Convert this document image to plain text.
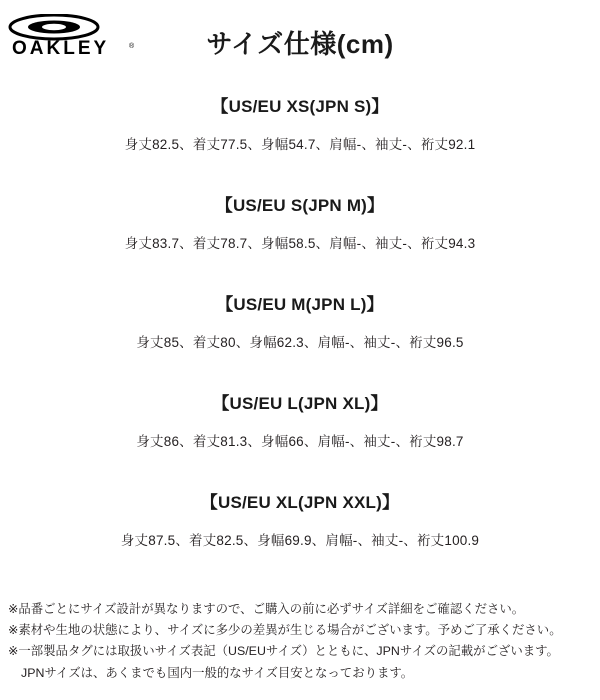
OAKLEY	®	サイズ仕様(cm)
【US/EU XS(JPN S)】
身丈82.5、着丈77.5、身幅54.7、肩幅-、袖丈-、裄丈92.1
【US/EU S(JPN M)】
身丈83.7、着丈78.7、身幅58.5、肩幅-、袖丈-、裄丈94.3
【US/EU M(JPN L)】
身丈85、着丈80、身幅62.3、肩幅-、袖丈-、裄丈96.5
【US/EU L(JPN XL)】
身丈86、着丈81.3、身幅66、肩幅-、袖丈-、裄丈98.7
【US/EU XL(JPN XXL)】
身丈87.5、着丈82.5、身幅69.9、肩幅-、袖丈-、裄丈100.9
※品番ごとにサイズ設計が異なりますので、ご購入の前に必ずサイズ詳細をご確認ください。
※素材や生地の状態により、サイズに多少の差異が生じる場合がございます。予めご了承ください。
※一部製品タグには取扱いサイズ表記（US/EUサイズ）とともに、JPNサイズの記載がございます。
JPNサイズは、あくまでも国内一般的なサイズ目安となっております。
